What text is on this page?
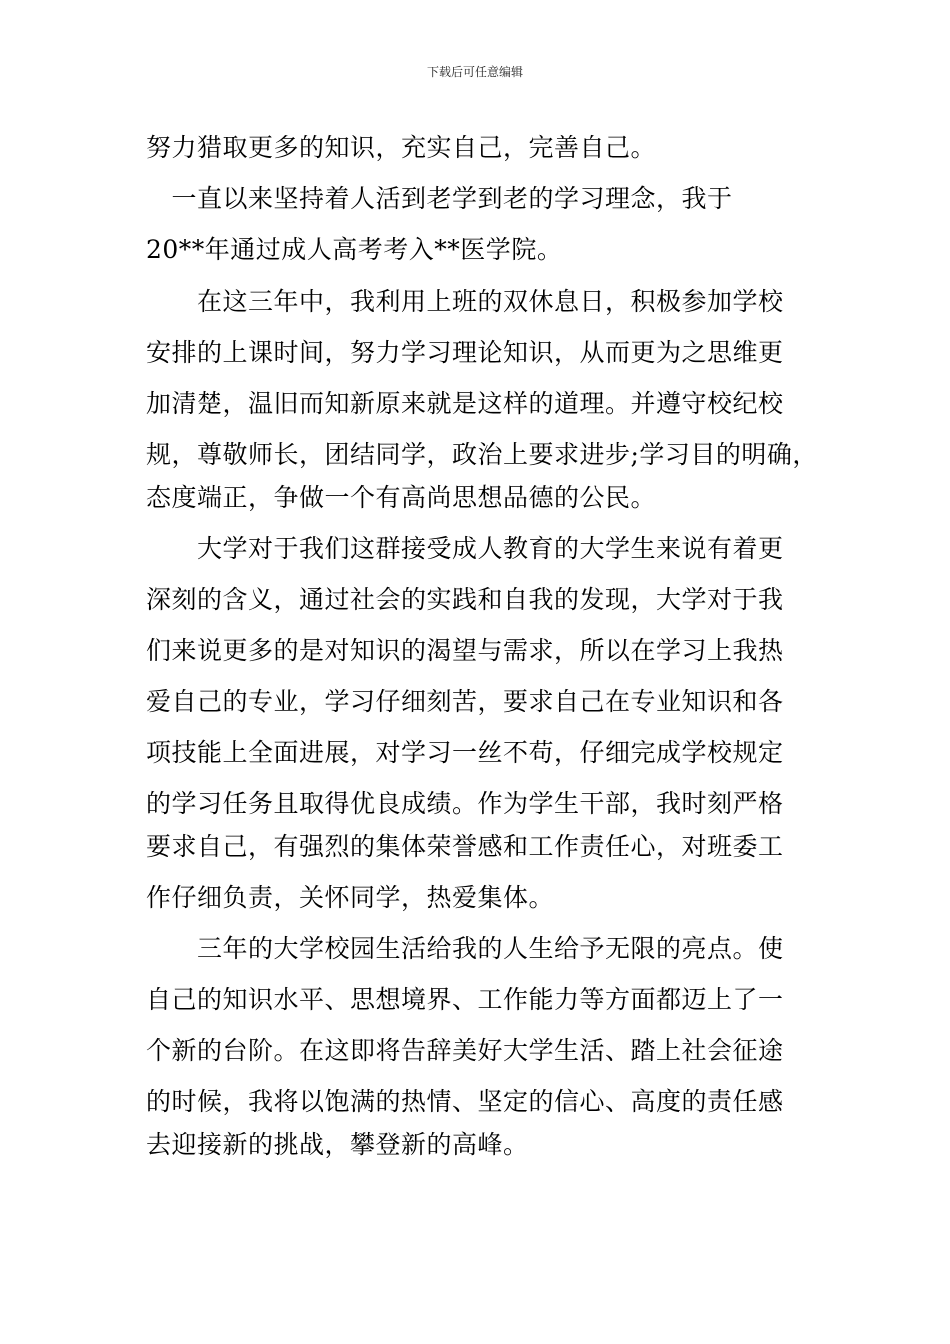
下载后可任意编辑
努力猎取更多的知识，充实自己，完善自己。
　一直以来坚持着人活到老学到老的学习理念，我于
20**年通过成人高考考入**医学院。
　　在这三年中，我利用上班的双休息日，积极参加学校
安排的上课时间，努力学习理论知识，从而更为之思维更
加清楚，温旧而知新原来就是这样的道理。并遵守校纪校
规，尊敬师长，团结同学，政治上要求进步;学习目的明确，
态度端正，争做一个有高尚思想品德的公民。
　　大学对于我们这群接受成人教育的大学生来说有着更
深刻的含义，通过社会的实践和自我的发现，大学对于我
们来说更多的是对知识的渴望与需求，所以在学习上我热
爱自己的专业，学习仔细刻苦，要求自己在专业知识和各
项技能上全面进展，对学习一丝不苟，仔细完成学校规定
的学习任务且取得优良成绩。作为学生干部，我时刻严格
要求自己，有强烈的集体荣誉感和工作责任心，对班委工
作仔细负责，关怀同学，热爱集体。
　　三年的大学校园生活给我的人生给予无限的亮点。使
自己的知识水平、思想境界、工作能力等方面都迈上了一
个新的台阶。在这即将告辞美好大学生活、踏上社会征途
的时候，我将以饱满的热情、坚定的信心、高度的责任感
去迎接新的挑战，攀登新的高峰。
